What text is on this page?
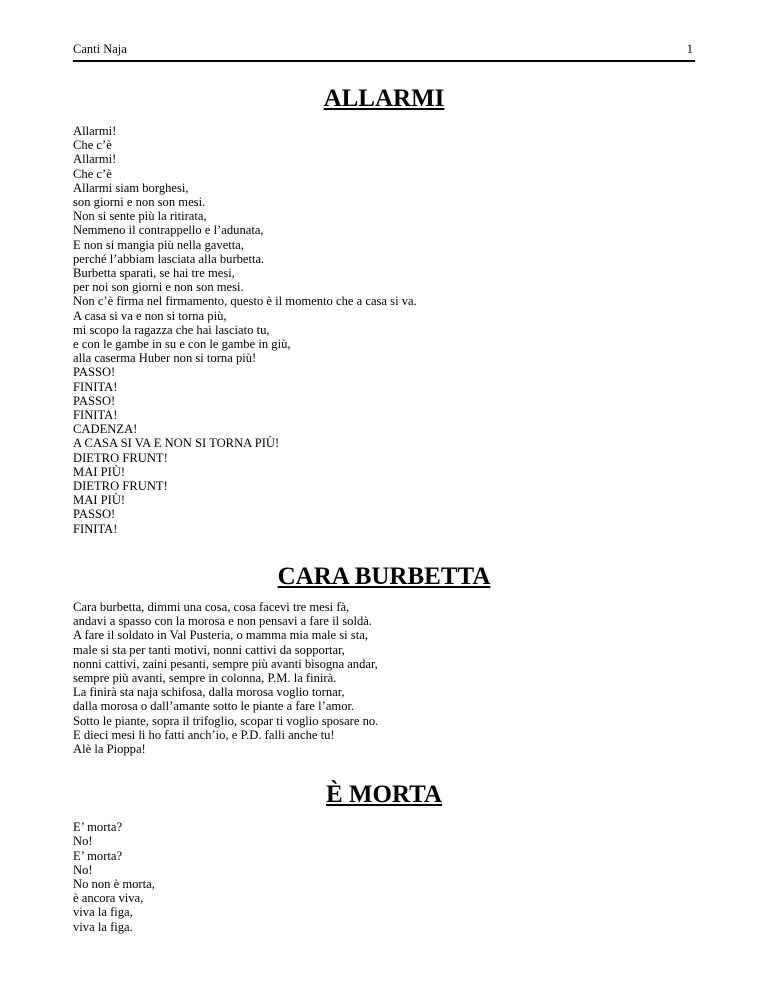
Canti Naja	1
ALLARMI
Allarmi!
Che c’è
Allarmi!
Che c’è
Allarmi siam borghesi,
son giorni e non son mesi.
Non si sente più la ritirata,
Nemmeno il contrappello e l’adunata,
E non si mangia più nella gavetta,
perché l’abbiam lasciata alla burbetta.
Burbetta sparati, se hai tre mesi,
per noi son giorni e non son mesi.
Non c’è firma nel firmamento, questo è il momento che a casa si va.
A casa si va e non si torna più,
mi scopo la ragazza che hai lasciato tu,
e con le gambe in su e con le gambe in giù,
alla caserma Huber non si torna più!
PASSO!
FINITA!
PASSO!
FINITA!
CADENZA!
A CASA SI VA E NON SI TORNA PIÙ!
DIETRO FRUNT!
MAI PIÙ!
DIETRO FRUNT!
MAI PIÙ!
PASSO!
FINITA!
CARA BURBETTA
Cara burbetta, dimmi una cosa, cosa facevi tre mesi fà,
andavi a spasso con la morosa e non pensavi a fare il soldà.
A fare il soldato in Val Pusteria, o mamma mia male si sta,
male si sta per tanti motivi, nonni cattivi da sopportar,
nonni cattivi, zaini pesanti, sempre più avanti bisogna andar,
sempre più avanti, sempre in colonna, P.M. la finirà.
La finirà sta naja schifosa, dalla morosa voglio tornar,
dalla morosa o dall’amante sotto le piante a fare l’amor.
Sotto le piante, sopra il trifoglio, scopar ti voglio sposare no.
E dieci mesi li ho fatti anch’io, e P.D. falli anche tu!
Alè la Pioppa!
È MORTA
E’ morta?
No!
E’ morta?
No!
No non è morta,
è ancora viva,
viva la figa,
viva la figa.
